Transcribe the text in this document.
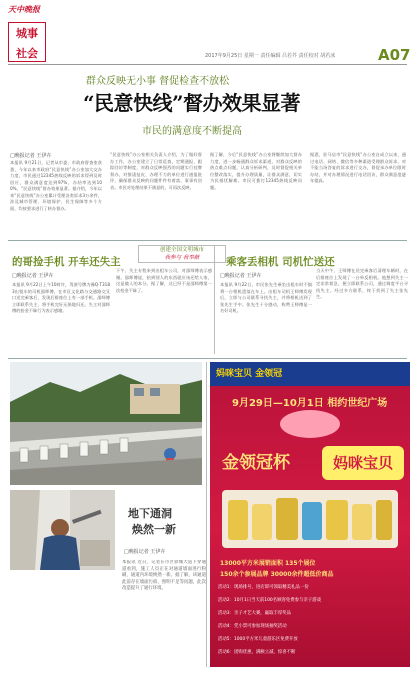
天中晚报
2017年9月25日 星期一 责任编辑 吕若芥 责任校对 胡若冰	A07
城事
社会
群众反映无小事 督促检查不放松
“民意快线”督办效果显著
市民的满意度不断提高
□晚报记者 王伊卉
本报讯 9月21日，记者从市委、市政府督查室获悉，今年以来市政府“民意快线”办公室加大交办力度，市民通过12345热线反映的诉求得到及时回应，群众满意度达到97%，办结率达到100%，“民意快线”督办效果显著。据介绍，今年以来“民意快线”办公室累计受理各类诉求3万余件，涉及城市管理、环境保护、民生保障等多个方面，均按要求进行了转办督办。
“民意快线”办公室相关负责人介绍，为了做好督办工作，办公室建立了日常巡查、定期通报、跟踪回访等制度，对群众反映强烈的问题实行挂牌督办，对推诿扯皮、办理不力的单位进行通报批评，确保群众反映的问题件件有着落、事事有回音。市民对处理结果不满意的，可再次反映。
据了解，今后“民意快线”办公室将继续加大督办力度，进一步畅通群众诉求渠道，对群众反映的热点难点问题，认真分析研判，及时督促相关单位整改落实，提升办理质量，让群众满意，切实为民排忧解难。市民可拨打12345热线反映问题。
据悉，驻马店市“民意快线”办公室自成立以来，通过电话、网络、微信等多种渠道受理群众诉求，对不能当场答复的诉求进行交办，督促承办单位限时办结，并对办理情况进行电话回访，群众满意度逐年提高。
的哥捡手机 开车还失主
□晚报记者 王伊卉
本报讯 9月22日上午10时许，驾驶号牌为豫Q·T3183出租车的司机邵师傅，在市区文化路与交通路交叉口送完乘客后，发现后排座位上有一部手机。邵师傅立即联系失主，将手机完好无损地归还。失主对邵师傅的拾金不昧行为表示感谢。
下午，失主专程来到出租车公司，对邵师傅表示感谢。邵师傅说，拾到别人的东西就应该还给人家，这是做人的本分。据了解，这已经不是邵师傅第一次拾金不昧了。
创建全国文明城市
我参与 我奉献	乘客丢相机 司机忙送还
□晚报记者 王伊卉
本报讯 9月22日，市民张先生乘坐出租车时不慎将一台相机遗落在车上。出租车司机王师傅发现后，立即与公司联系寻找失主，并将相机送到了张先生手中。张先生十分感动，称赞王师傅是一名好司机。
当天中午，王师傅在送完乘客后清理车辆时，在后排座位上发现了一台单反相机。他想到失主一定非常着急，便立即联系公司，通过调度平台寻找失主。经过多方联系，终于找到了失主张先生。
地下通洞
焕然一新
□晚报记者 王伊卉
本报讯 近日，记者在市区驿城大道下穿通道看到，施工人员正在对通道墙面进行粉刷，通道内环境焕然一新。据了解，该通道此前存在墙面污损、照明不足等问题，此次改造提升了通行环境。
妈咪宝贝 金领冠
9月29日—10月1日 相约世纪广场
金领冠杯	妈咪宝贝
13000平方米展销面积 135个展位
150余个参展品牌 30000余件超低价商品
活动1：现场排号，进店即可领取精美礼品一份
活动2：10月1日当天前100名顾客免费参与亲子游戏
活动3：亲子才艺大赛，赢取丰厚奖品
活动4：凭小票可参加现场抽奖活动
活动5：1000平方米儿童游乐区免费开放
活动6：团购优惠，满额立减，惊喜不断
